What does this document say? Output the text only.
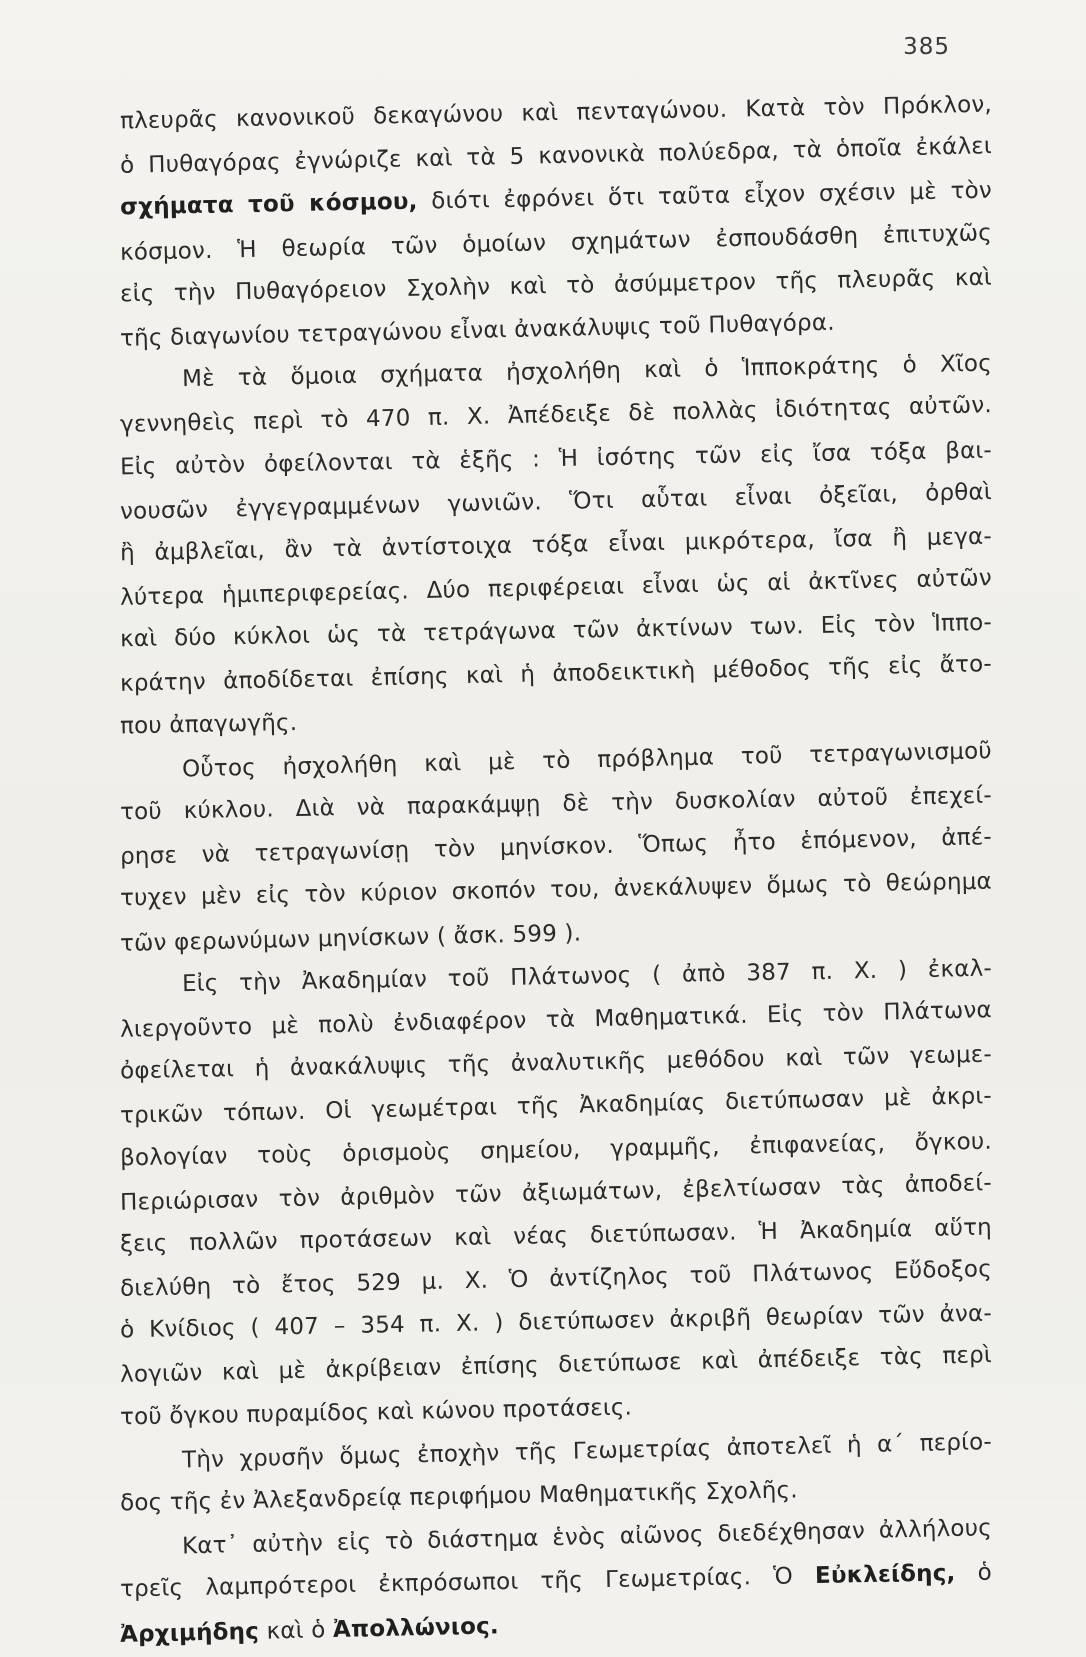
385
πλευρᾶς κανονικοῦ δεκαγώνου καὶ πενταγώνου. Κατὰ τὸν Πρόκλον,
ὁ Πυθαγόρας ἐγνώριζε καὶ τὰ 5 κανονικὰ πολύεδρα, τὰ ὁποῖα ἐκάλει
σχήματα τοῦ κόσμου, διότι ἐφρόνει ὅτι ταῦτα εἶχον σχέσιν μὲ τὸν
κόσμον. Ἡ θεωρία τῶν ὁμοίων σχημάτων ἐσπουδάσθη ἐπιτυχῶς
εἰς τὴν Πυθαγόρειον Σχολὴν καὶ τὸ ἀσύμμετρον τῆς πλευρᾶς καὶ
τῆς διαγωνίου τετραγώνου εἶναι ἀνακάλυψις τοῦ Πυθαγόρα.
Μὲ τὰ ὅμοια σχήματα ἠσχολήθη καὶ ὁ Ἱπποκράτης ὁ Χῖος
γεννηθεὶς περὶ τὸ 470 π. Χ. Ἀπέδειξε δὲ πολλὰς ἰδιότητας αὐτῶν.
Εἰς αὐτὸν ὀφείλονται τὰ ἑξῆς : Ἡ ἰσότης τῶν εἰς ἴσα τόξα βαι-
νουσῶν ἐγγεγραμμένων γωνιῶν. Ὅτι αὗται εἶναι ὀξεῖαι, ὀρθαὶ
ἢ ἀμβλεῖαι, ἂν τὰ ἀντίστοιχα τόξα εἶναι μικρότερα, ἴσα ἢ μεγα-
λύτερα ἡμιπεριφερείας. Δύο περιφέρειαι εἶναι ὡς αἱ ἀκτῖνες αὐτῶν
καὶ δύο κύκλοι ὡς τὰ τετράγωνα τῶν ἀκτίνων των. Εἰς τὸν Ἱππο-
κράτην ἀποδίδεται ἐπίσης καὶ ἡ ἀποδεικτικὴ μέθοδος τῆς εἰς ἄτο-
που ἀπαγωγῆς.
Οὗτος ἠσχολήθη καὶ μὲ τὸ πρόβλημα τοῦ τετραγωνισμοῦ
τοῦ κύκλου. Διὰ νὰ παρακάμψῃ δὲ τὴν δυσκολίαν αὐτοῦ ἐπεχεί-
ρησε νὰ τετραγωνίσῃ τὸν μηνίσκον. Ὅπως ἦτο ἑπόμενον, ἀπέ-
τυχεν μὲν εἰς τὸν κύριον σκοπόν του, ἀνεκάλυψεν ὅμως τὸ θεώρημα
τῶν φερωνύμων μηνίσκων ( ἄσκ. 599 ).
Εἰς τὴν Ἀκαδημίαν τοῦ Πλάτωνος ( ἀπὸ 387 π. Χ. ) ἐκαλ-
λιεργοῦντο μὲ πολὺ ἐνδιαφέρον τὰ Μαθηματικά. Εἰς τὸν Πλάτωνα
ὀφείλεται ἡ ἀνακάλυψις τῆς ἀναλυτικῆς μεθόδου καὶ τῶν γεωμε-
τρικῶν τόπων. Οἱ γεωμέτραι τῆς Ἀκαδημίας διετύπωσαν μὲ ἀκρι-
βολογίαν τοὺς ὁρισμοὺς σημείου, γραμμῆς, ἐπιφανείας, ὄγκου.
Περιώρισαν τὸν ἀριθμὸν τῶν ἀξιωμάτων, ἐβελτίωσαν τὰς ἀποδεί-
ξεις πολλῶν προτάσεων καὶ νέας διετύπωσαν. Ἡ Ἀκαδημία αὕτη
διελύθη τὸ ἔτος 529 μ. Χ. Ὁ ἀντίζηλος τοῦ Πλάτωνος Εὔδοξος
ὁ Κνίδιος ( 407 – 354 π. Χ. ) διετύπωσεν ἀκριβῆ θεωρίαν τῶν ἀνα-
λογιῶν καὶ μὲ ἀκρίβειαν ἐπίσης διετύπωσε καὶ ἀπέδειξε τὰς περὶ
τοῦ ὄγκου πυραμίδος καὶ κώνου προτάσεις.
Τὴν χρυσῆν ὅμως ἐποχὴν τῆς Γεωμετρίας ἀποτελεῖ ἡ α΄ περίο-
δος τῆς ἐν Ἀλεξανδρείᾳ περιφήμου Μαθηματικῆς Σχολῆς.
Κατ᾽ αὐτὴν εἰς τὸ διάστημα ἑνὸς αἰῶνος διεδέχθησαν ἀλλήλους
τρεῖς λαμπρότεροι ἐκπρόσωποι τῆς Γεωμετρίας. Ὁ Εὐκλείδης, ὁ
Ἀρχιμήδης καὶ ὁ Ἀπολλώνιος.
